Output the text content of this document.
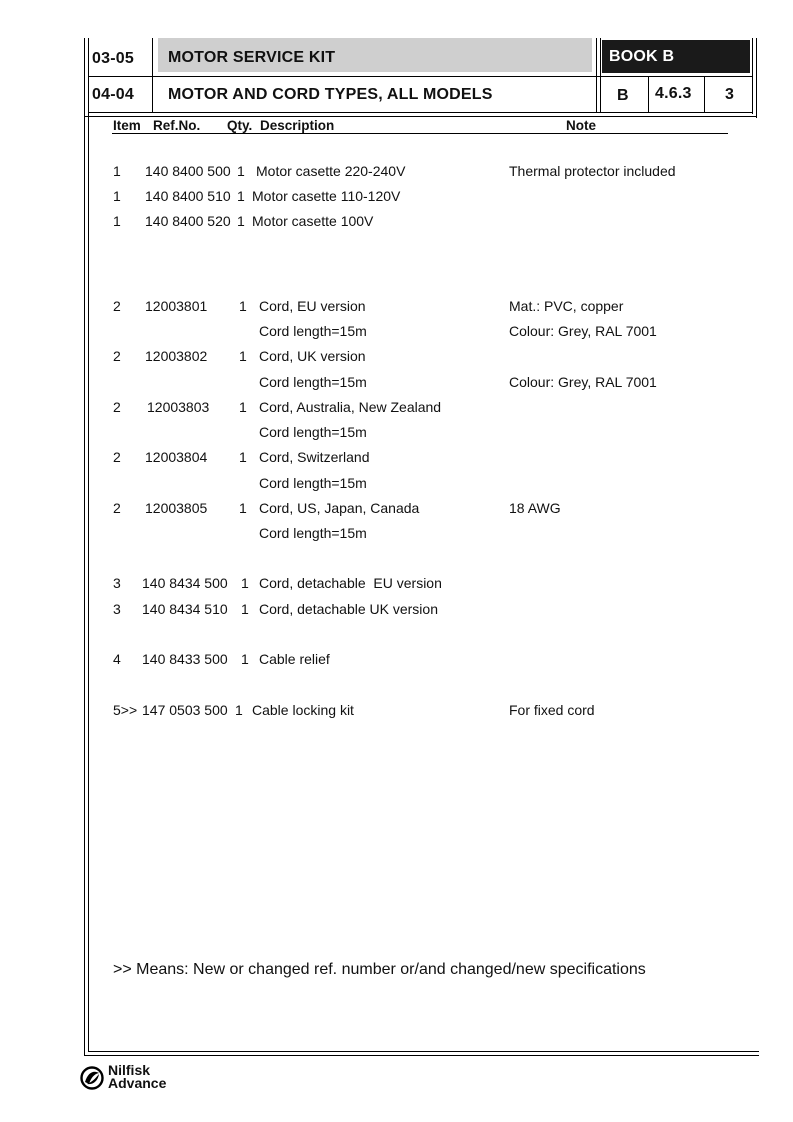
03-05 MOTOR SERVICE KIT	BOOK B
04-04 MOTOR AND CORD TYPES, ALL MODELS	B 4.6.3 3
Item Ref.No. Qty. Description	Note
1 140 8400 500 1 Motor casette 220-240V	Thermal protector included
1 140 8400 510 1 Motor casette 110-120V
1 140 8400 520 1 Motor casette 100V
2 12003801 1 Cord, EU version	Mat.: PVC, copper
Cord length=15m	Colour: Grey, RAL 7001
2 12003802 1 Cord, UK version
Cord length=15m	Colour: Grey, RAL 7001
2 12003803 1 Cord, Australia, New Zealand
Cord length=15m
2 12003804 1 Cord, Switzerland
Cord length=15m
2 12003805 1 Cord, US, Japan, Canada	18 AWG
Cord length=15m
3 140 8434 500 1 Cord, detachable  EU version
3 140 8434 510 1 Cord, detachable UK version
4 140 8433 500 1 Cable relief
5>> 147 0503 500 1 Cable locking kit	For fixed cord
>> Means: New or changed ref. number or/and changed/new specifications
Nilfisk
Advance
